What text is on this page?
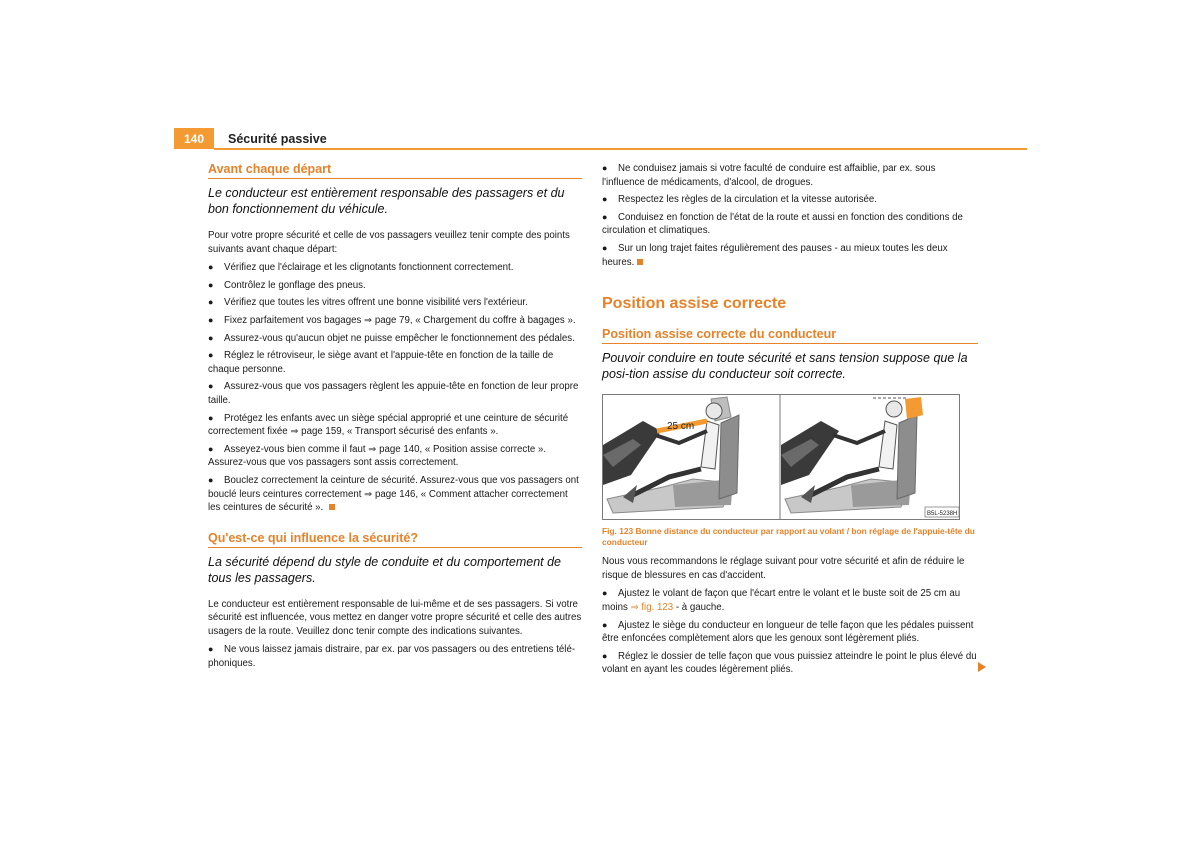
140	Sécurité passive
Avant chaque départ
Le conducteur est entièrement responsable des passagers et du bon fonctionnement du véhicule.
Pour votre propre sécurité et celle de vos passagers veuillez tenir compte des points suivants avant chaque départ:
● Vérifiez que l'éclairage et les clignotants fonctionnent correctement.
● Contrôlez le gonflage des pneus.
● Vérifiez que toutes les vitres offrent une bonne visibilité vers l'extérieur.
● Fixez parfaitement vos bagages ⇒ page 79, « Chargement du coffre à bagages ».
● Assurez-vous qu'aucun objet ne puisse empêcher le fonctionnement des pédales.
● Réglez le rétroviseur, le siège avant et l'appuie-tête en fonction de la taille de chaque personne.
● Assurez-vous que vos passagers règlent les appuie-tête en fonction de leur propre taille.
● Protégez les enfants avec un siège spécial approprié et une ceinture de sécurité correctement fixée ⇒ page 159, « Transport sécurisé des enfants ».
● Asseyez-vous bien comme il faut ⇒ page 140, « Position assise correcte ». Assurez-vous que vos passagers sont assis correctement.
● Bouclez correctement la ceinture de sécurité. Assurez-vous que vos passagers ont bouclé leurs ceintures correctement ⇒ page 146, « Comment attacher correctement les ceintures de sécurité ».
Qu'est-ce qui influence la sécurité?
La sécurité dépend du style de conduite et du comportement de tous les passagers.
Le conducteur est entièrement responsable de lui-même et de ses passagers. Si votre sécurité est influencée, vous mettez en danger votre propre sécurité et celle des autres usagers de la route. Veuillez donc tenir compte des indications suivantes.
● Ne vous laissez jamais distraire, par ex. par vos passagers ou des entretiens télé-phoniques.
● Ne conduisez jamais si votre faculté de conduire est affaiblie, par ex. sous l'influence de médicaments, d'alcool, de drogues.
● Respectez les règles de la circulation et la vitesse autorisée.
● Conduisez en fonction de l'état de la route et aussi en fonction des conditions de circulation et climatiques.
● Sur un long trajet faites régulièrement des pauses - au mieux toutes les deux heures.
Position assise correcte
Position assise correcte du conducteur
Pouvoir conduire en toute sécurité et sans tension suppose que la posi-tion assise du conducteur soit correcte.
25 cm
B5L-5238H
Fig. 123 Bonne distance du conducteur par rapport au volant / bon réglage de l'appuie-tête du conducteur
Nous vous recommandons le réglage suivant pour votre sécurité et afin de réduire le risque de blessures en cas d'accident.
● Ajustez le volant de façon que l'écart entre le volant et le buste soit de 25 cm au moins ⇒ fig. 123 - à gauche.
● Ajustez le siège du conducteur en longueur de telle façon que les pédales puissent être enfoncées complètement alors que les genoux sont légèrement pliés.
● Réglez le dossier de telle façon que vous puissiez atteindre le point le plus élevé du volant en ayant les coudes légèrement pliés.
